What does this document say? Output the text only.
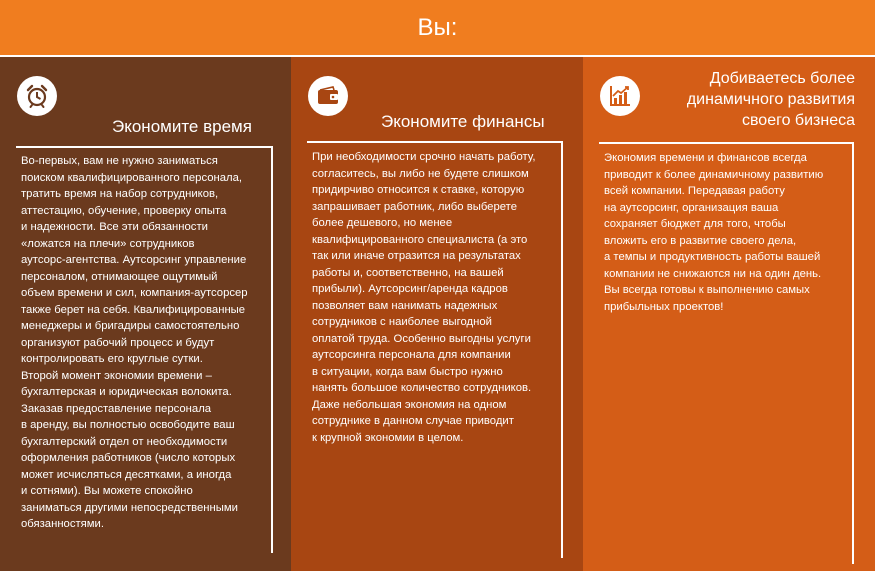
Вы:
Экономите время
Во-первых, вам не нужно заниматься
поиском квалифицированного персонала,
тратить время на набор сотрудников,
аттестацию, обучение, проверку опыта
и надежности. Все эти обязанности
«ложатся на плечи» сотрудников
аутсорс-агентства. Аутсорсинг управление
персоналом, отнимающее ощутимый
объем времени и сил, компания-аутсорсер
также берет на себя. Квалифицированные
менеджеры и бригадиры самостоятельно
организуют рабочий процесс и будут
контролировать его круглые сутки.
Второй момент экономии времени –
бухгалтерская и юридическая волокита.
Заказав предоставление персонала
в аренду, вы полностью освободите ваш
бухгалтерский отдел от необходимости
оформления работников (число которых
может исчисляться десятками, а иногда
и сотнями). Вы можете спокойно
заниматься другими непосредственными
обязанностями.
Экономите финансы
При необходимости срочно начать работу,
согласитесь, вы либо не будете слишком
придирчиво относится к ставке, которую
запрашивает работник, либо выберете
более дешевого, но менее
квалифицированного специалиста (а это
так или иначе отразится на результатах
работы и, соответственно, на вашей
прибыли). Аутсорсинг/аренда кадров
позволяет вам нанимать надежных
сотрудников с наиболее выгодной
оплатой труда. Особенно выгодны услуги
аутсорсинга персонала для компании
в ситуации, когда вам быстро нужно
нанять большое количество сотрудников.
Даже небольшая экономия на одном
сотруднике в данном случае приводит
к крупной экономии в целом.
Добиваетесь более динамичного развития своего бизнеса
Экономия времени и финансов всегда
приводит к более динамичному развитию
всей компании. Передавая работу
на аутсорсинг, организация ваша
сохраняет бюджет для того, чтобы
вложить его в развитие своего дела,
а темпы и продуктивность работы вашей
компании не снижаются ни на один день.
Вы всегда готовы к выполнению самых
прибыльных проектов!
